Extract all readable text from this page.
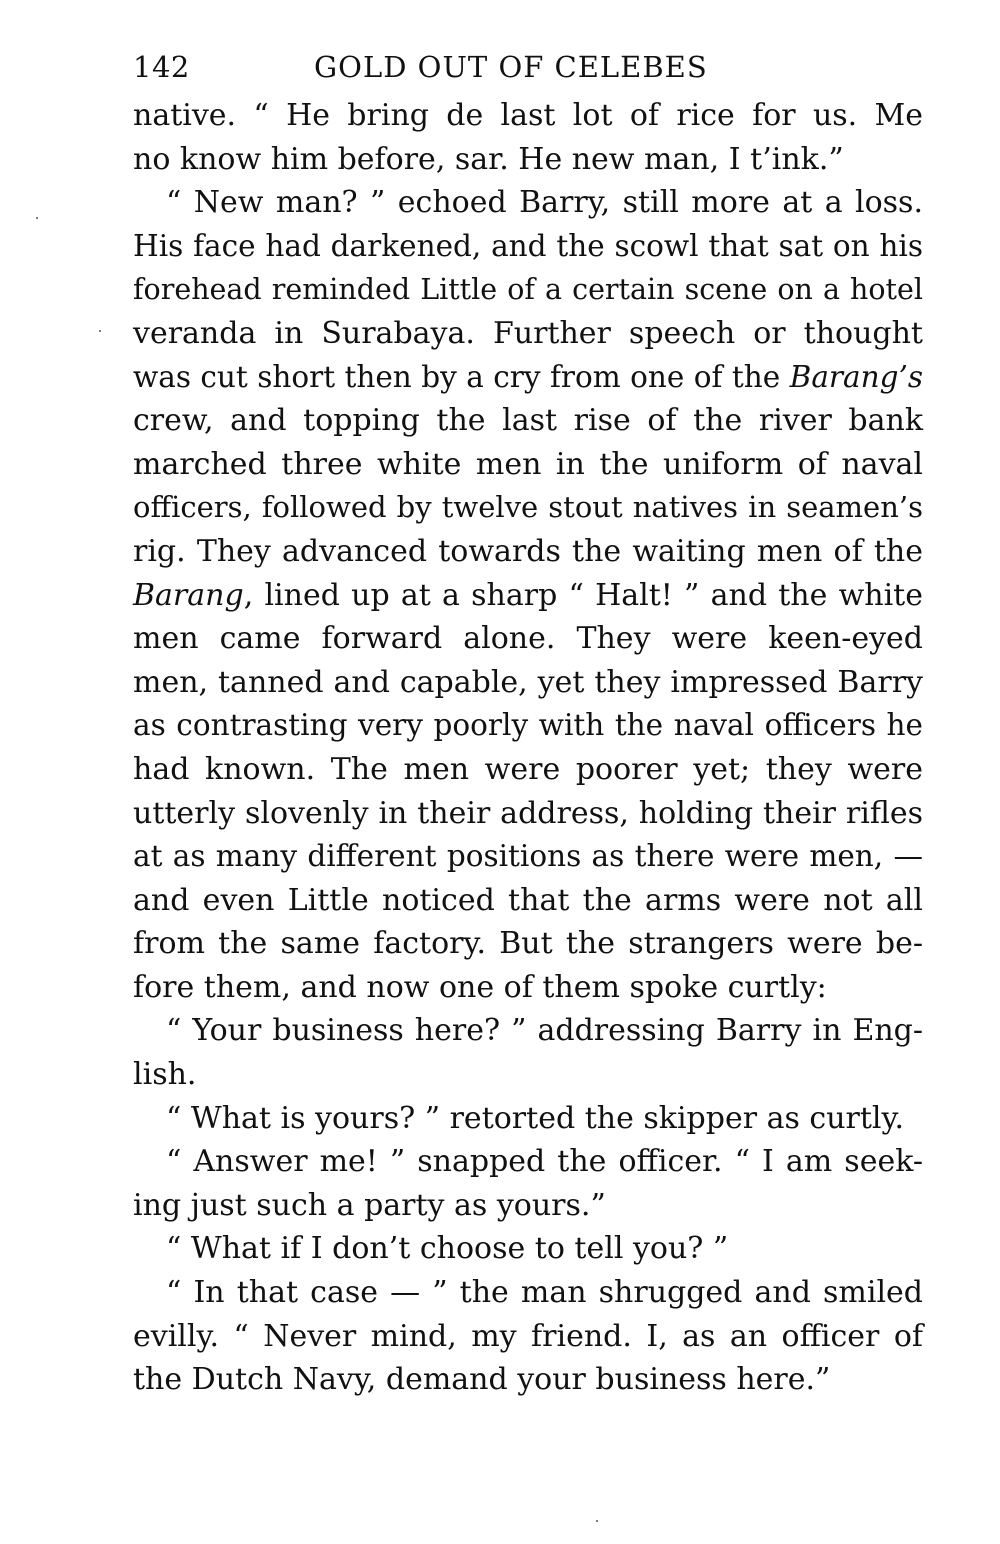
142	GOLD OUT OF CELEBES
native. “ He bring de last lot of rice for us. Me
no know him before, sar. He new man, I t’ink.”
“ New man? ” echoed Barry, still more at a loss.
His face had darkened, and the scowl that sat on his
forehead reminded Little of a certain scene on a hotel
veranda in Surabaya. Further speech or thought
was cut short then by a cry from one of the Barang’s
crew, and topping the last rise of the river bank
marched three white men in the uniform of naval
officers, followed by twelve stout natives in seamen’s
rig. They advanced towards the waiting men of the
Barang, lined up at a sharp “ Halt! ” and the white
men came forward alone. They were keen-eyed
men, tanned and capable, yet they impressed Barry
as contrasting very poorly with the naval officers he
had known. The men were poorer yet; they were
utterly slovenly in their address, holding their rifles
at as many different positions as there were men, —
and even Little noticed that the arms were not all
from the same factory. But the strangers were be-
fore them, and now one of them spoke curtly:
“ Your business here? ” addressing Barry in Eng-
lish.
“ What is yours? ” retorted the skipper as curtly.
“ Answer me! ” snapped the officer. “ I am seek-
ing just such a party as yours.”
“ What if I don’t choose to tell you? ”
“ In that case — ” the man shrugged and smiled
evilly. “ Never mind, my friend. I, as an officer of
the Dutch Navy, demand your business here.”
